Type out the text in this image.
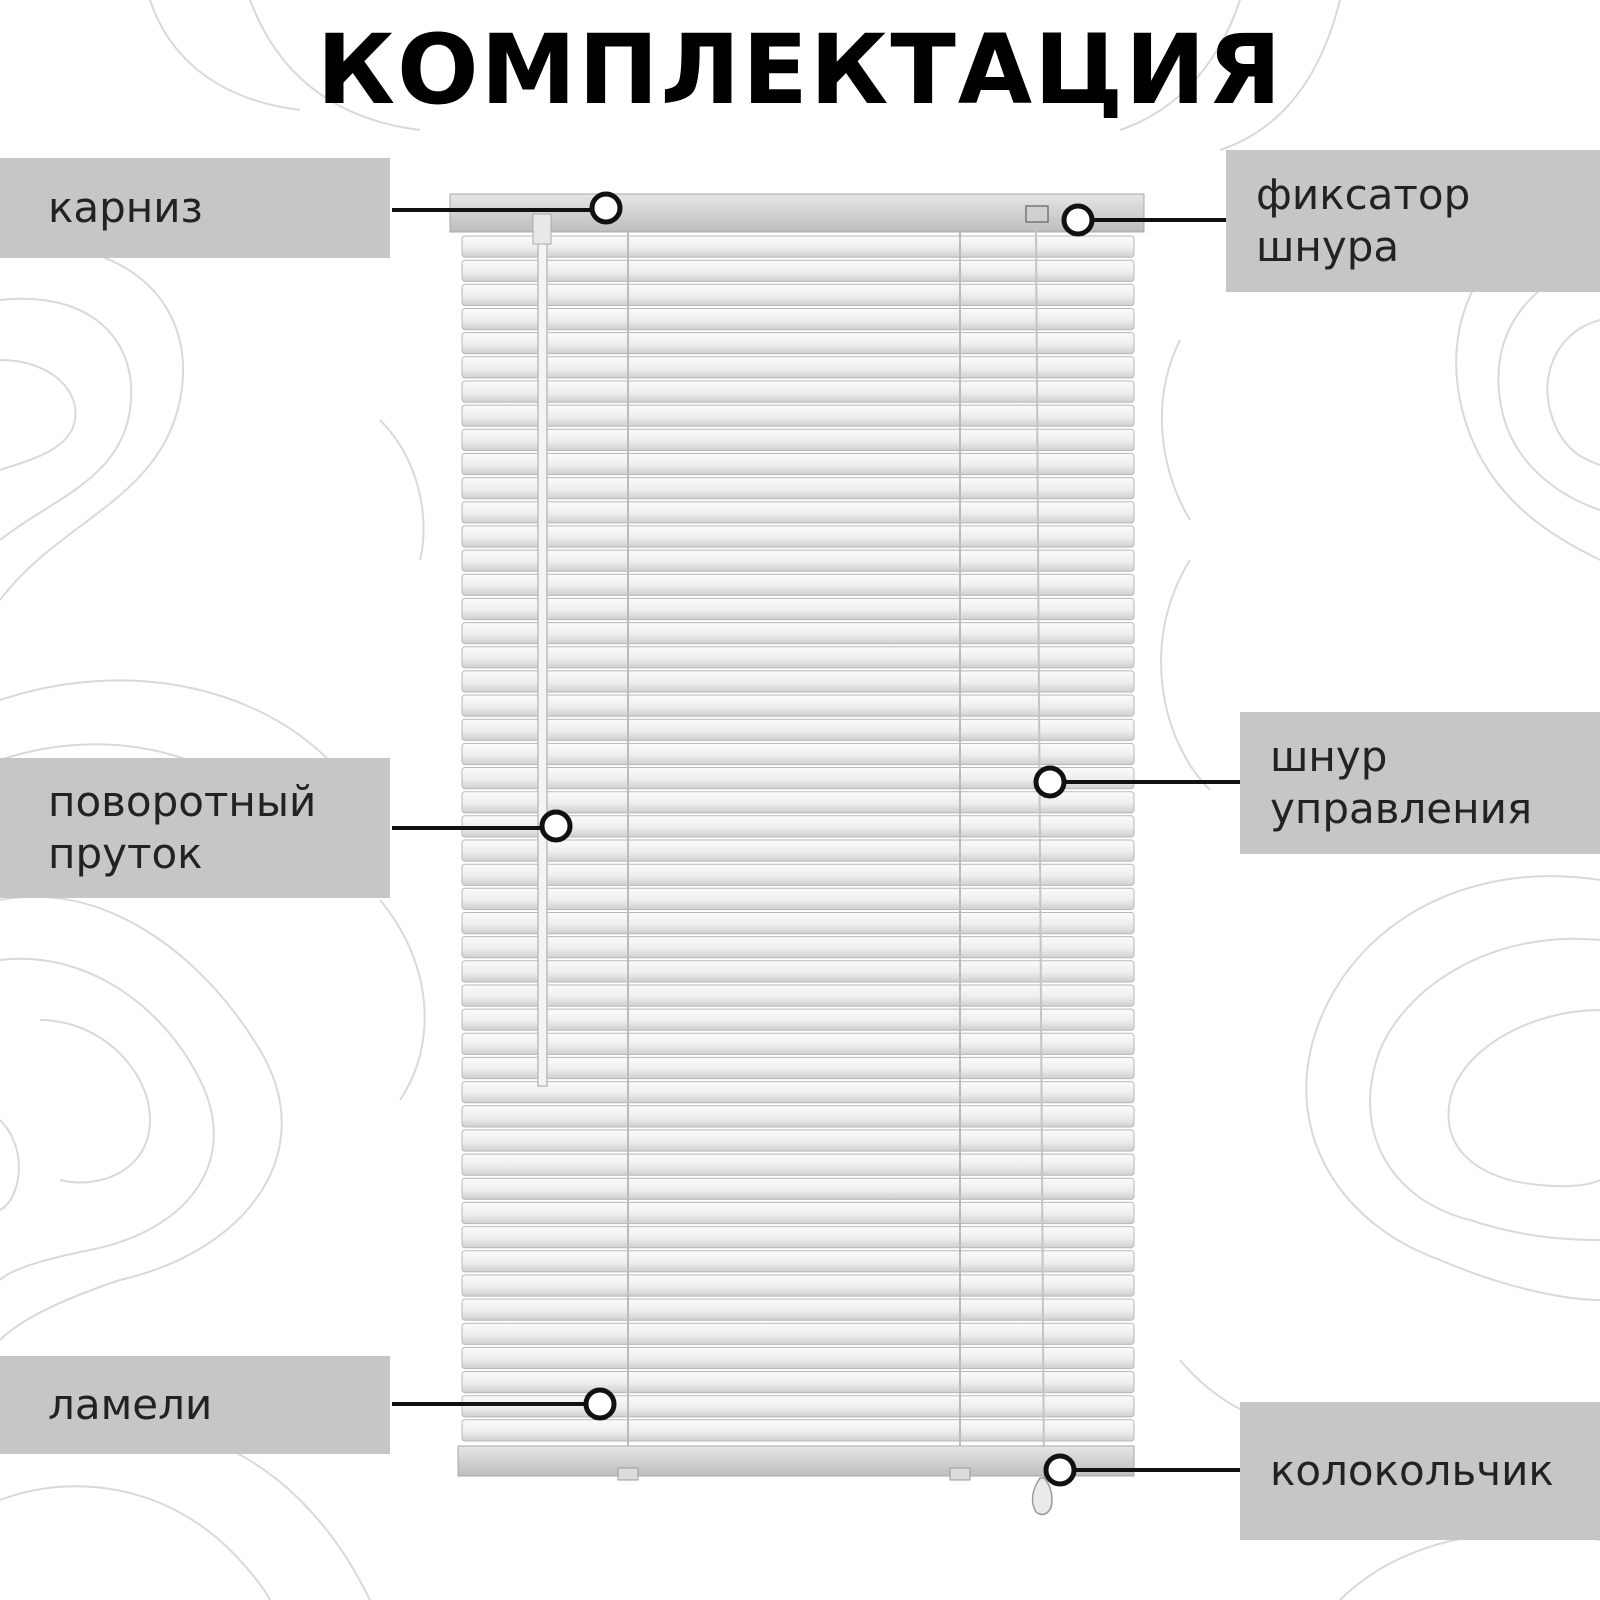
КОМПЛЕКТАЦИЯ
карниз	фиксатор
шнура
поворотный
пруток
шнур
управления
ламели
колокольчик
